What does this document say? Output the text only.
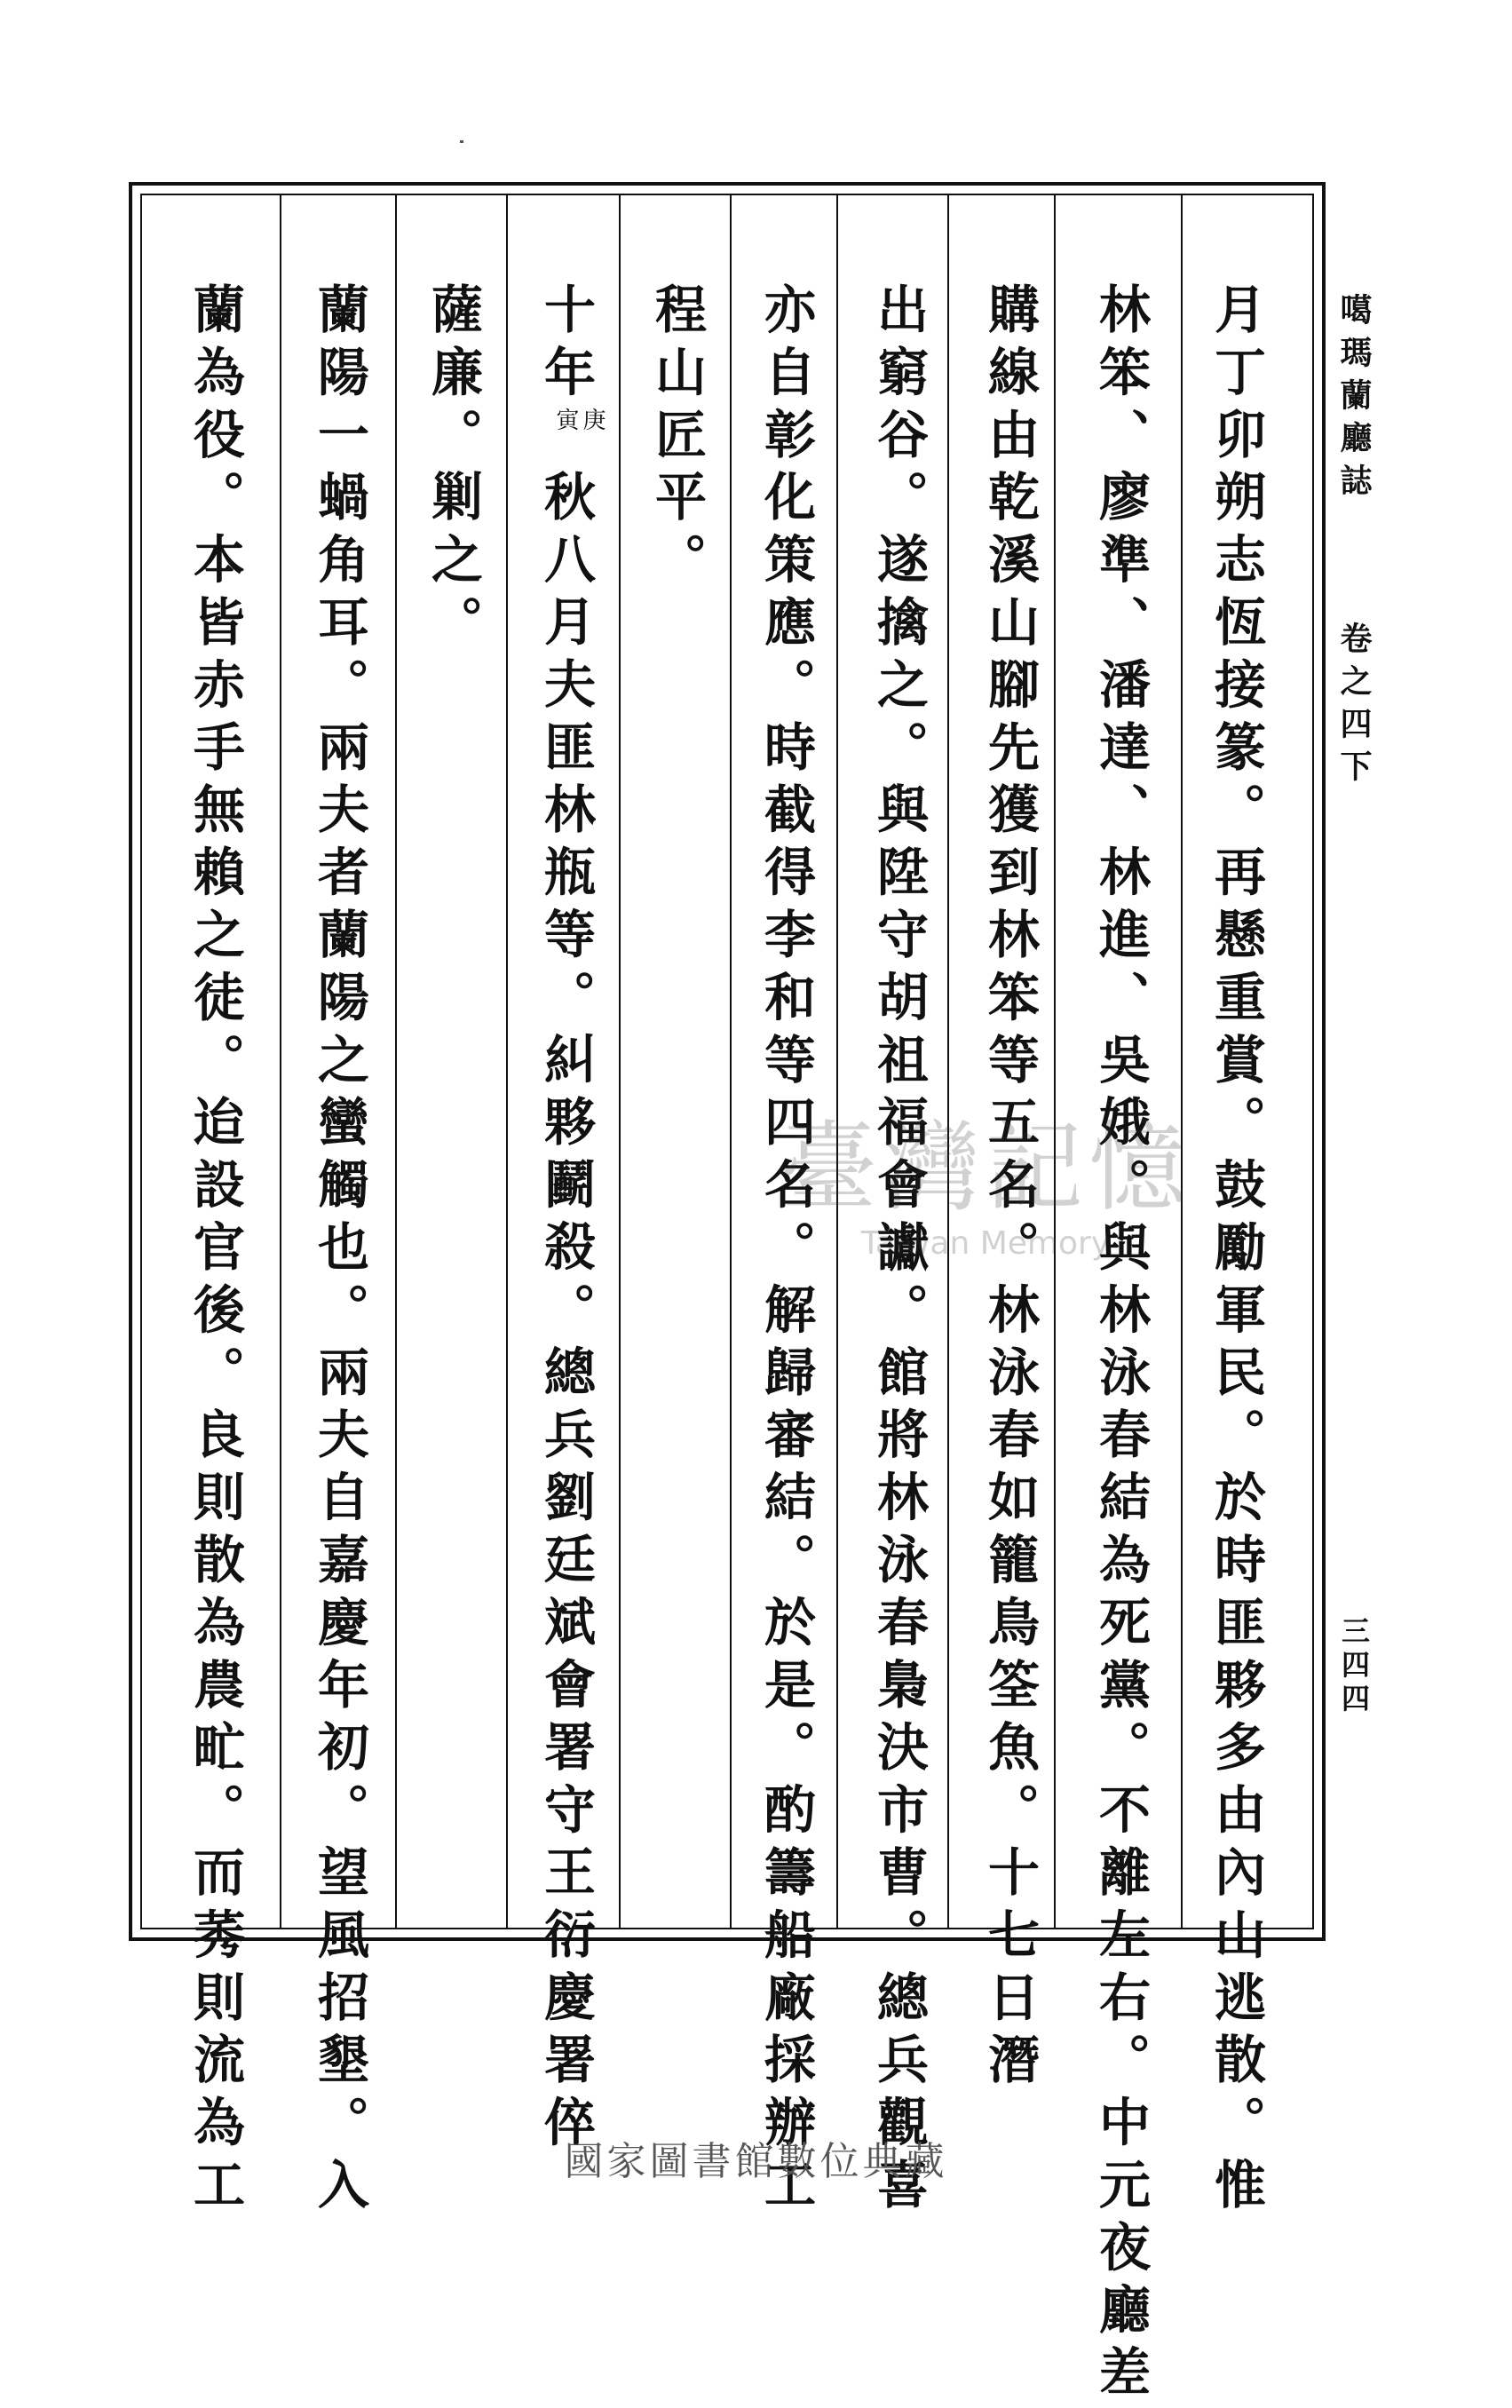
噶瑪蘭廳誌
卷之四下
三四四
月丁卯朔志恆接篆。再懸重賞。鼓勵軍民。於時匪夥多由內山逃散。惟
林笨、廖準、潘達、林進、吳娥。與林泳春結為死黨。不離左右。中元夜廳差
購線由乾溪山腳先獲到林笨等五名。林泳春如籠鳥筌魚。十七日潛
出窮谷。遂擒之。與陞守胡祖福會讞。館將林泳春梟決市曹。總兵觀喜
亦自彰化策應。時截得李和等四名。解歸審結。於是。酌籌船廠採辦工
程山匠平。
十年
庚
寅
秋八月夫匪林瓶等。糾夥鬬殺。總兵劉廷斌會署守王衍慶署倅
薩廉。剿之。
蘭陽一蝸角耳。兩夫者蘭陽之蠻觸也。兩夫自嘉慶年初。望風招墾。入
蘭為役。本皆赤手無賴之徒。迨設官後。良則散為農甿。而莠則流為工	臺灣記憶
Taiwan Memory
國家圖書館數位典藏
